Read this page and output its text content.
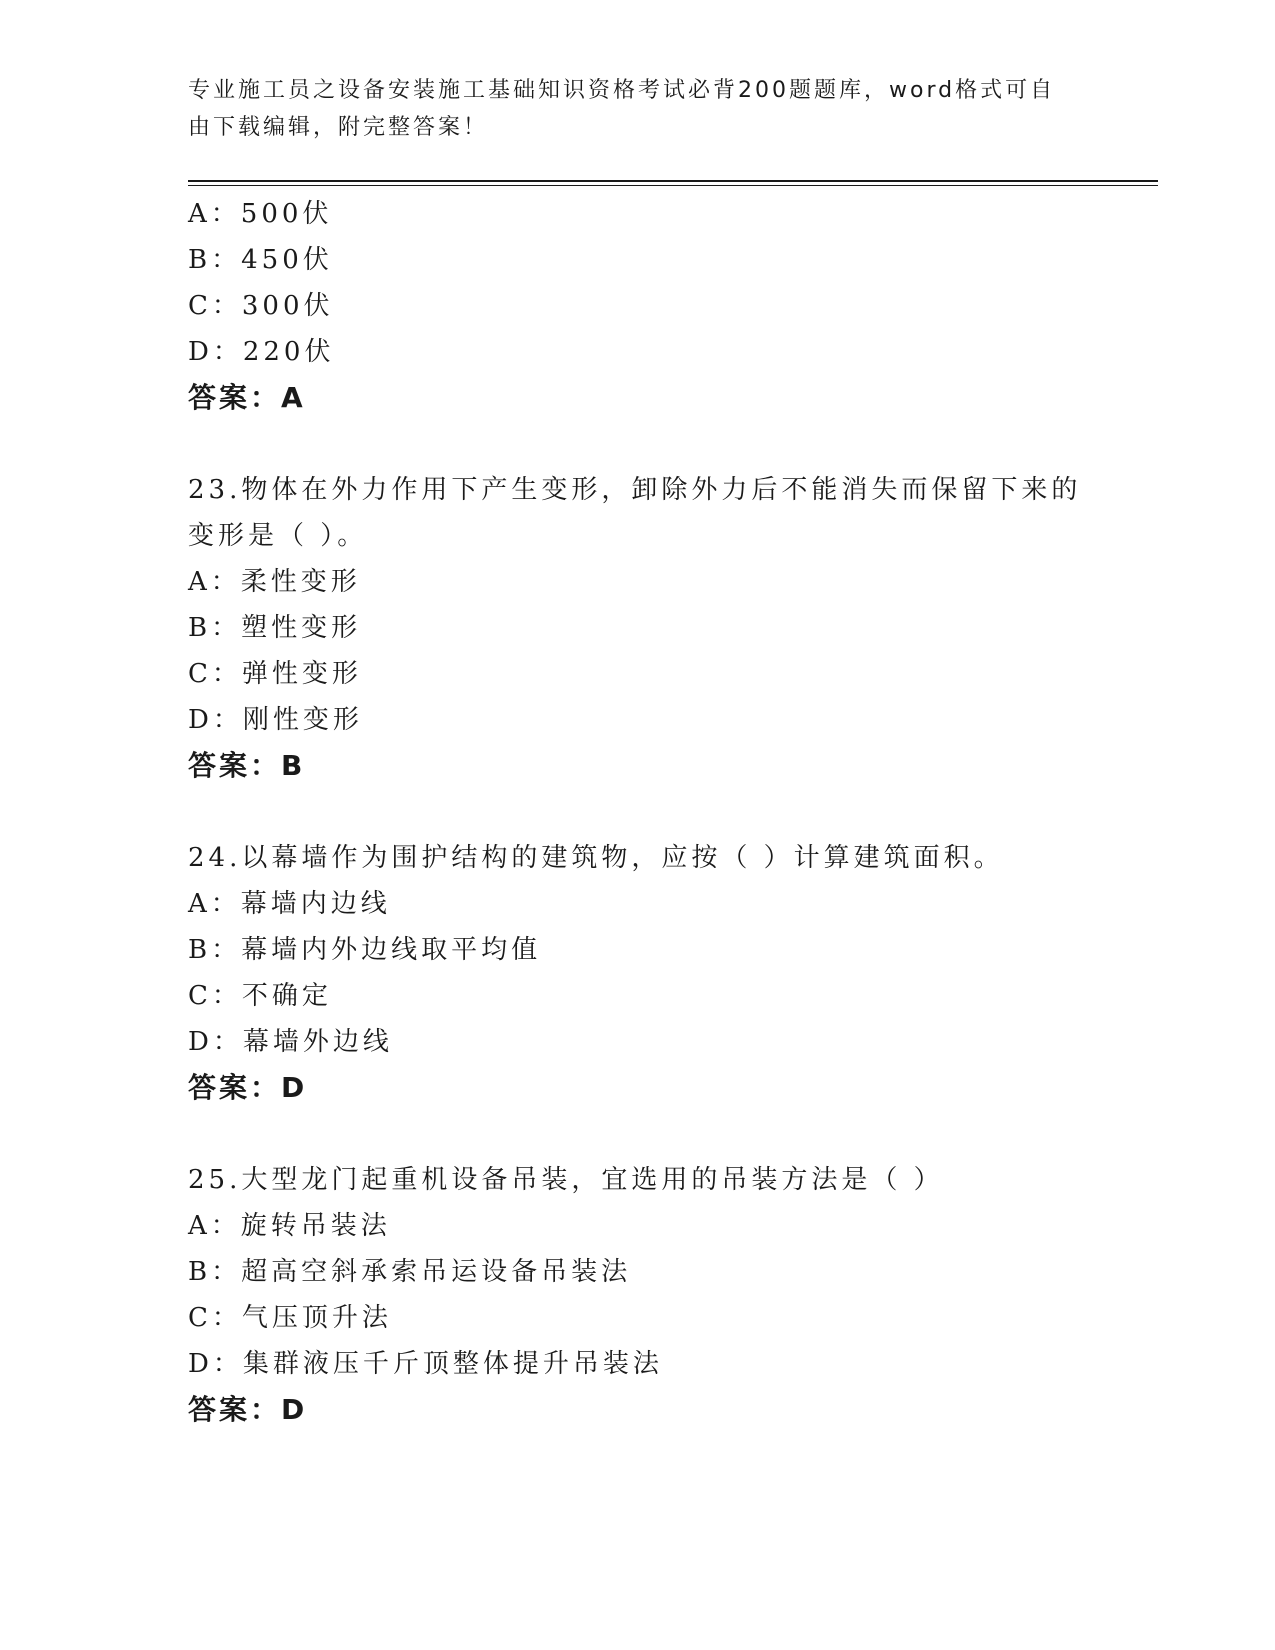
专业施工员之设备安装施工基础知识资格考试必背200题题库，word格式可自由下载编辑，附完整答案！
A：500伏
B：450伏
C：300伏
D：220伏
答案：A
23.物体在外力作用下产生变形，卸除外力后不能消失而保留下来的变形是（ ）。
A：柔性变形
B：塑性变形
C：弹性变形
D：刚性变形
答案：B
24.以幕墙作为围护结构的建筑物，应按（ ）计算建筑面积。
A：幕墙内边线
B：幕墙内外边线取平均值
C：不确定
D：幕墙外边线
答案：D
25.大型龙门起重机设备吊装，宜选用的吊装方法是（ ）
A：旋转吊装法
B：超高空斜承索吊运设备吊装法
C：气压顶升法
D：集群液压千斤顶整体提升吊装法
答案：D
